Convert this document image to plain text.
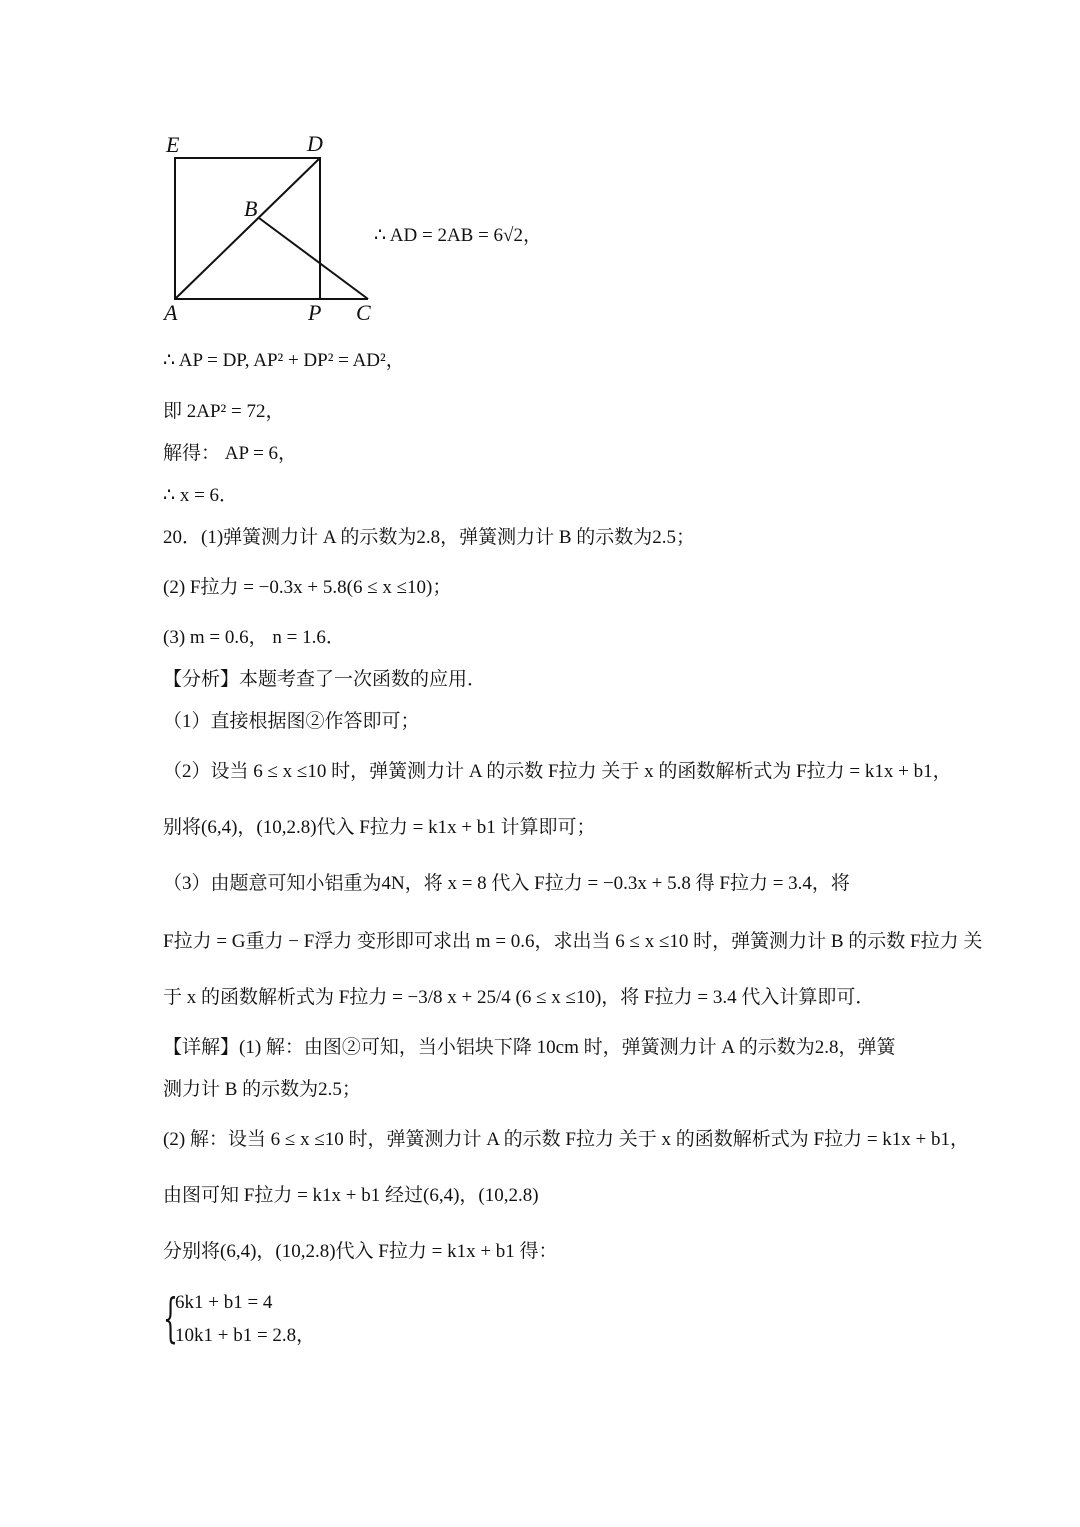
E	D
B
A	P C
∴ AD = 2AB = 6√2，
∴ AP = DP, AP² + DP² = AD²，
即 2AP² = 72，
解得： AP = 6，
∴ x = 6．
20．(1)弹簧测力计 A 的示数为2.8，弹簧测力计 B 的示数为2.5；
(2) F拉力 = −0.3x + 5.8(6 ≤ x ≤10)；
(3) m = 0.6， n = 1.6．
【分析】本题考查了一次函数的应用．
（1）直接根据图②作答即可；
（2）设当 6 ≤ x ≤10 时，弹簧测力计 A 的示数 F拉力 关于 x 的函数解析式为 F拉力 = k1x + b1，
别将(6,4)，(10,2.8)代入 F拉力 = k1x + b1 计算即可；
（3）由题意可知小铝重为4N，将 x = 8 代入 F拉力 = −0.3x + 5.8 得 F拉力 = 3.4，将
F拉力 = G重力 − F浮力 变形即可求出 m = 0.6，求出当 6 ≤ x ≤10 时，弹簧测力计 B 的示数 F拉力 关
于 x 的函数解析式为 F拉力 = −3/8 x + 25/4 (6 ≤ x ≤10)，将 F拉力 = 3.4 代入计算即可．
【详解】(1) 解：由图②可知，当小铝块下降 10cm 时，弹簧测力计 A 的示数为2.8，弹簧
测力计 B 的示数为2.5；
(2) 解：设当 6 ≤ x ≤10 时，弹簧测力计 A 的示数 F拉力 关于 x 的函数解析式为 F拉力 = k1x + b1，
由图可知 F拉力 = k1x + b1 经过(6,4)，(10,2.8)
分别将(6,4)，(10,2.8)代入 F拉力 = k1x + b1 得：
{
6k1 + b1 = 4
10k1 + b1 = 2.8，
